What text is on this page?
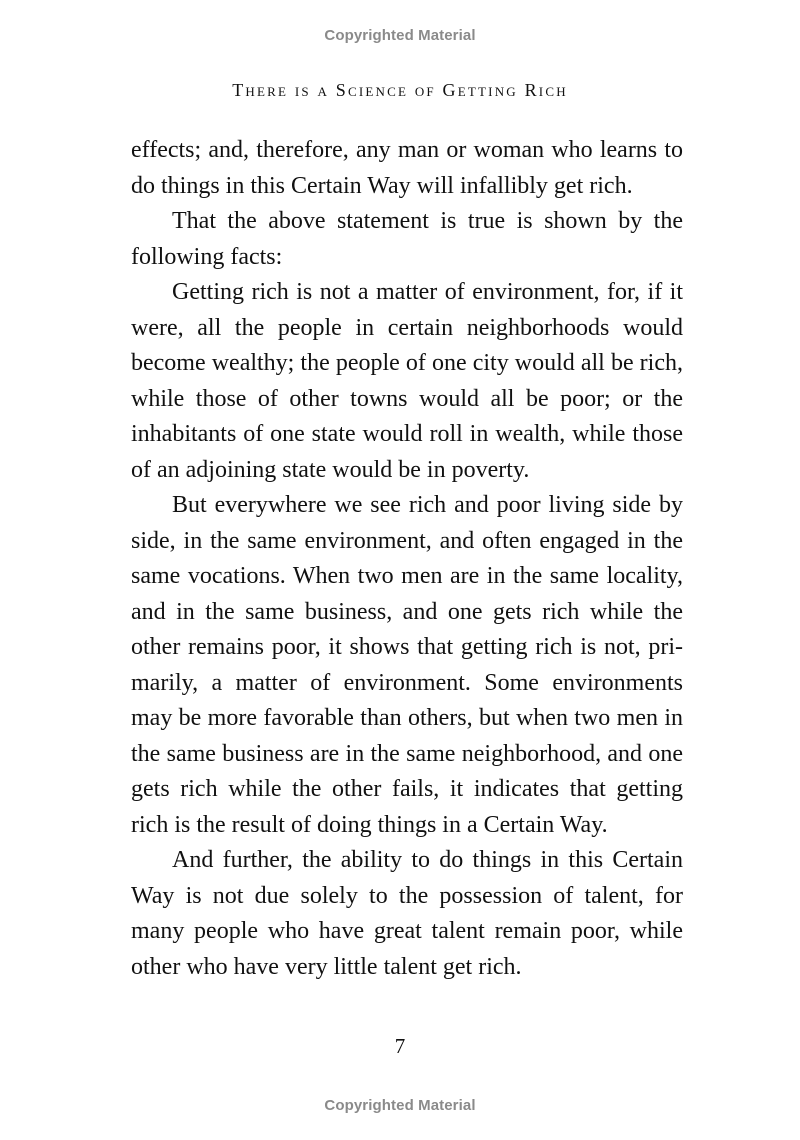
Copyrighted Material
There is a Science of Getting Rich

effects; and, therefore, any man or woman who learns to do things in this Certain Way will infallibly get rich.

That the above statement is true is shown by the following facts:

Getting rich is not a matter of environment, for, if it were, all the people in certain neighborhoods would become wealthy; the people of one city would all be rich, while those of other towns would all be poor; or the inhabitants of one state would roll in wealth, while those of an adjoining state would be in poverty.

But everywhere we see rich and poor living side by side, in the same environment, and often engaged in the same vocations. When two men are in the same locality, and in the same business, and one gets rich while the other remains poor, it shows that getting rich is not, primarily, a matter of environment. Some environments may be more favorable than others, but when two men in the same business are in the same neighborhood, and one gets rich while the other fails, it indicates that getting rich is the result of doing things in a Certain Way.

And further, the ability to do things in this Certain Way is not due solely to the possession of talent, for many people who have great talent remain poor, while other who have very little talent get rich.

7
Copyrighted Material
